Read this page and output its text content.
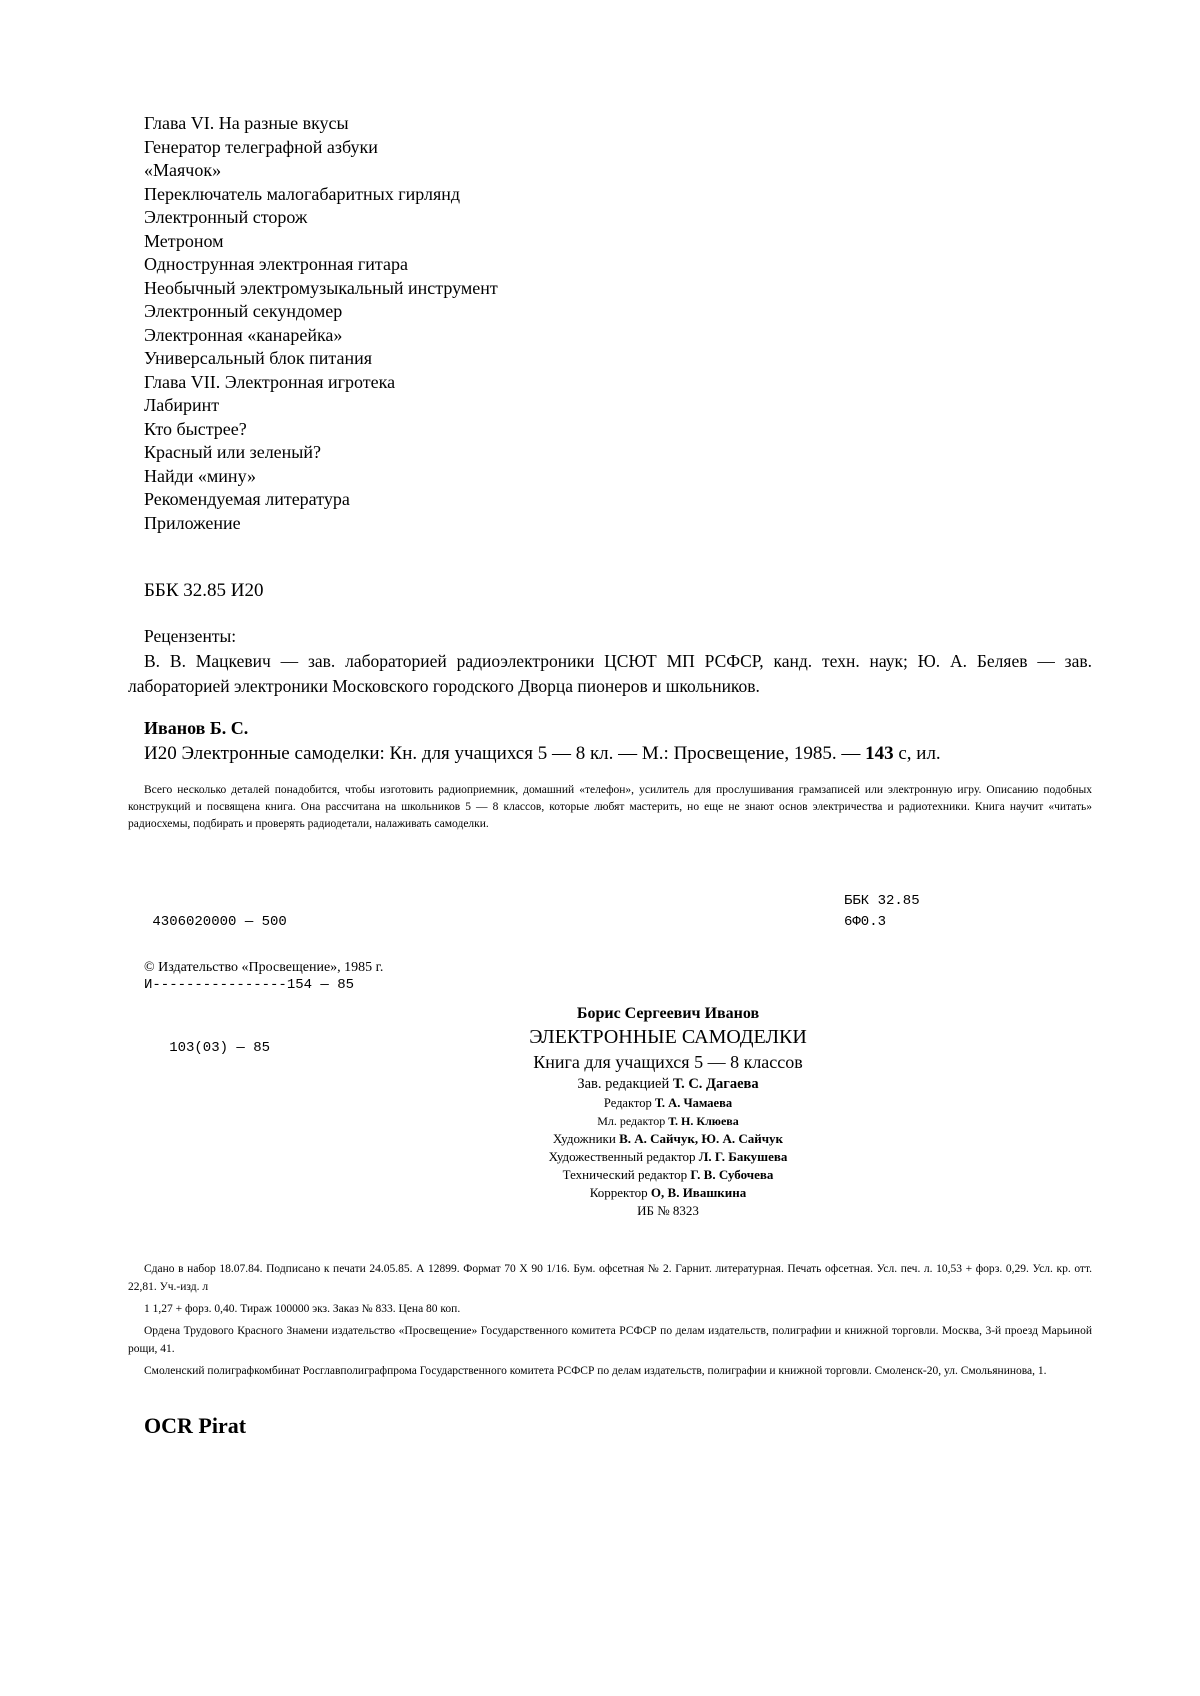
Глава VI. На разные вкусы
Генератор телеграфной азбуки
«Маячок»
Переключатель малогабаритных гирлянд
Электронный сторож
Метроном
Однострунная электронная гитара
Необычный электромузыкальный инструмент
Электронный секундомер
Электронная «канарейка»
Универсальный блок питания
Глава VII. Электронная игротека
Лабиринт
Кто быстрее?
Красный или зеленый?
Найди «мину»
Рекомендуемая литература
Приложение
ББК 32.85 И20
Рецензенты:
В. В. Мацкевич — зав. лабораторией радиоэлектроники ЦСЮТ МП РСФСР, канд. техн. наук; Ю. А. Беляев — зав. лабораторией электроники Московского городского Дворца пионеров и школьников.
Иванов Б. С.
И20 Электронные самоделки: Кн. для учащихся 5 — 8 кл. — М.: Просвещение, 1985. — 143 с, ил.
Всего несколько деталей понадобится, чтобы изготовить радиоприемник, домашний «телефон», усилитель для прослушивания грамзаписей или электронную игру. Описанию подобных конструкций и посвящена книга. Она рассчитана на школьников 5 — 8 классов, которые любят мастерить, но еще не знают основ электричества и радиотехники. Книга научит «читать» радиосхемы, подбирать и проверять радиодетали, налаживать самоделки.

4306020000 — 500

И----------------154 — 85

103(03) — 85

ББК 32.85

6Ф0.3

© Издательство «Просвещение», 1985 г.
Борис Сергеевич Иванов
ЭЛЕКТРОННЫЕ САМОДЕЛКИ
Книга для учащихся 5 — 8 классов
Зав. редакцией Т. С. Дагаева
Редактор Т. А. Чамаева
Мл. редактор Т. Н. Клюева
Художники В. А. Сайчук, Ю. А. Сайчук
Художественный редактор Л. Г. Бакушева
Технический редактор Г. В. Субочева
Корректор О, В. Ивашкина
ИБ № 8323

Сдано в набор 18.07.84. Подписано к печати 24.05.85. А 12899. Формат 70 X 90 1/16. Бум. офсетная № 2. Гарнит. литературная. Печать офсетная. Усл. печ. л. 10,53 + форз. 0,29. Усл. кр. отт. 22,81. Уч.-изд. л

1 1,27 + форз. 0,40. Тираж 100000 экз. Заказ № 833. Цена 80 коп.

Ордена Трудового Красного Знамени издательство «Просвещение» Государственного комитета РСФСР по делам издательств, полиграфии и книжной торговли. Москва, 3-й проезд Марьиной рощи, 41.

Смоленский полиграфкомбинат Росглавполиграфпрома Государственного комитета РСФСР по делам издательств, полиграфии и книжной торговли. Смоленск-20, ул. Смольянинова, 1.

OCR Pirat
